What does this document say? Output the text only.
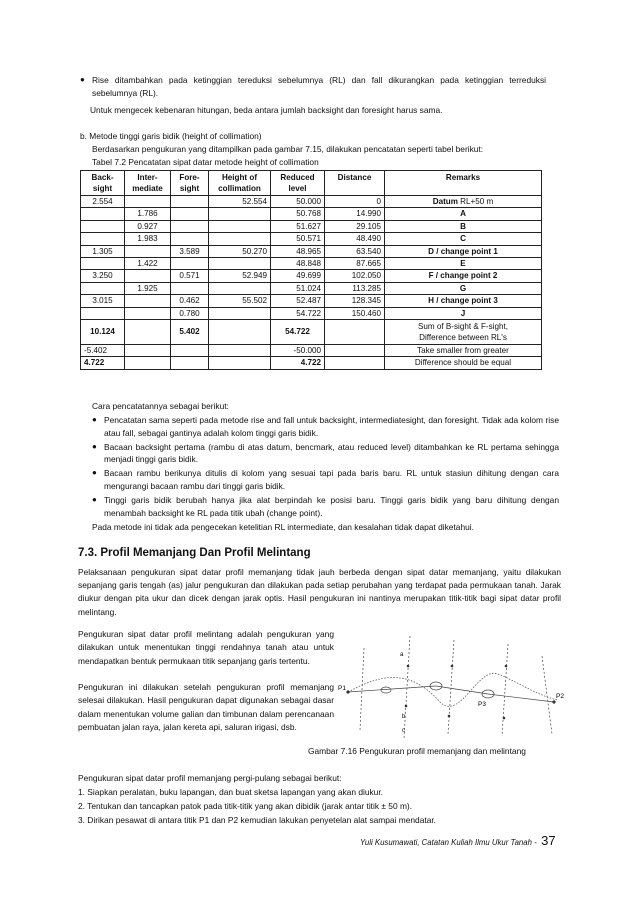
● Rise ditambahkan pada ketinggian tereduksi sebelumnya (RL) dan fall dikurangkan pada ketinggian terreduksi sebelumnya (RL).
Untuk mengecek kebenaran hitungan, beda antara jumlah backsight dan foresight harus sama.
b. Metode tinggi garis bidik (height of collimation)
Berdasarkan pengukuran yang ditampilkan pada gambar 7.15, dilakukan pencatatan seperti tabel berikut:
Tabel 7.2 Pencatatan sipat datar metode height of collimation
Back-sight	Inter-mediate	Fore-sight	Height of collimation	Reduced level	Distance	Remarks
2.554			52.554	50.000	0	Datum RL+50 m
	1.786			50.768	14.990	A
	0.927			51.627	29.105	B
	1.983			50.571	48.490	C
1.305		3.589	50.270	48.965	63.540	D / change point 1
	1.422			48.848	87.665	E
3.250		0.571	52.949	49.699	102.050	F / change point 2
	1.925			51.024	113.285	G
3.015		0.462	55.502	52.487	128.345	H / change point 3
		0.780		54.722	150.460	J
10.124		5.402		54.722		Sum of B-sight & F-sight,
Difference between RL's
-5.402				-50.000		Take smaller from greater
4.722				4.722		Difference should be equal
Cara pencatatannya sebagai berikut:
● Pencatatan sama seperti pada metode rise and fall untuk backsight, intermediatesight, dan foresight. Tidak ada kolom rise atau fall, sebagai gantinya adalah kolom tinggi garis bidik.
● Bacaan backsight pertama (rambu di atas datum, bencmark, atau reduced level) ditambahkan ke RL pertama sehingga menjadi tinggi garis bidik.
● Bacaan rambu berikunya ditulis di kolom yang sesuai tapi pada baris baru. RL untuk stasiun dihitung dengan cara mengurangi bacaan rambu dari tinggi garis bidik.
● Tinggi garis bidik berubah hanya jika alat berpindah ke posisi baru. Tinggi garis bidik yang baru dihitung dengan menambah backsight ke RL pada titik ubah (change point).
Pada metode ini tidak ada pengecekan ketelitian RL intermediate, dan kesalahan tidak dapat diketahui.
7.3. Profil Memanjang Dan Profil Melintang
Pelaksanaan pengukuran sipat datar profil memanjang tidak jauh berbeda dengan sipat datar memanjang, yaitu dilakukan sepanjang garis tengah (as) jalur pengukuran dan dilakukan pada setiap perubahan yang terdapat pada permukaan tanah. Jarak diukur dengan pita ukur dan dicek dengan jarak optis. Hasil pengukuran ini nantinya merupakan titik-titik bagi sipat datar profil melintang.
Pengukuran sipat datar profil melintang adalah pengukuran yang dilakukan untuk menentukan tinggi rendahnya tanah atau untuk mendapatkan bentuk permukaan titik sepanjang garis tertentu.
Pengukuran ini dilakukan setelah pengukuran profil memanjang selesai dilakukan. Hasil pengukuran dapat digunakan sebagai dasar dalam menentukan volume galian dan timbunan dalam perencanaan pembuatan jalan raya, jalan kereta api, saluran irigasi, dsb.
P1
P3
P2
a
b
c
Gambar 7.16 Pengukuran profil memanjang dan melintang
Pengukuran sipat datar profil memanjang pergi-pulang sebagai berikut:
1. Siapkan peralatan, buku lapangan, dan buat sketsa lapangan yang akan diukur.
2. Tentukan dan tancapkan patok pada titik-titik yang akan dibidik (jarak antar titik ± 50 m).
3. Dirikan pesawat di antara titik P1 dan P2 kemudian lakukan penyetelan alat sampai mendatar.
Yuli Kusumawati, Catatan Kuliah Ilmu Ukur Tanah - 37
